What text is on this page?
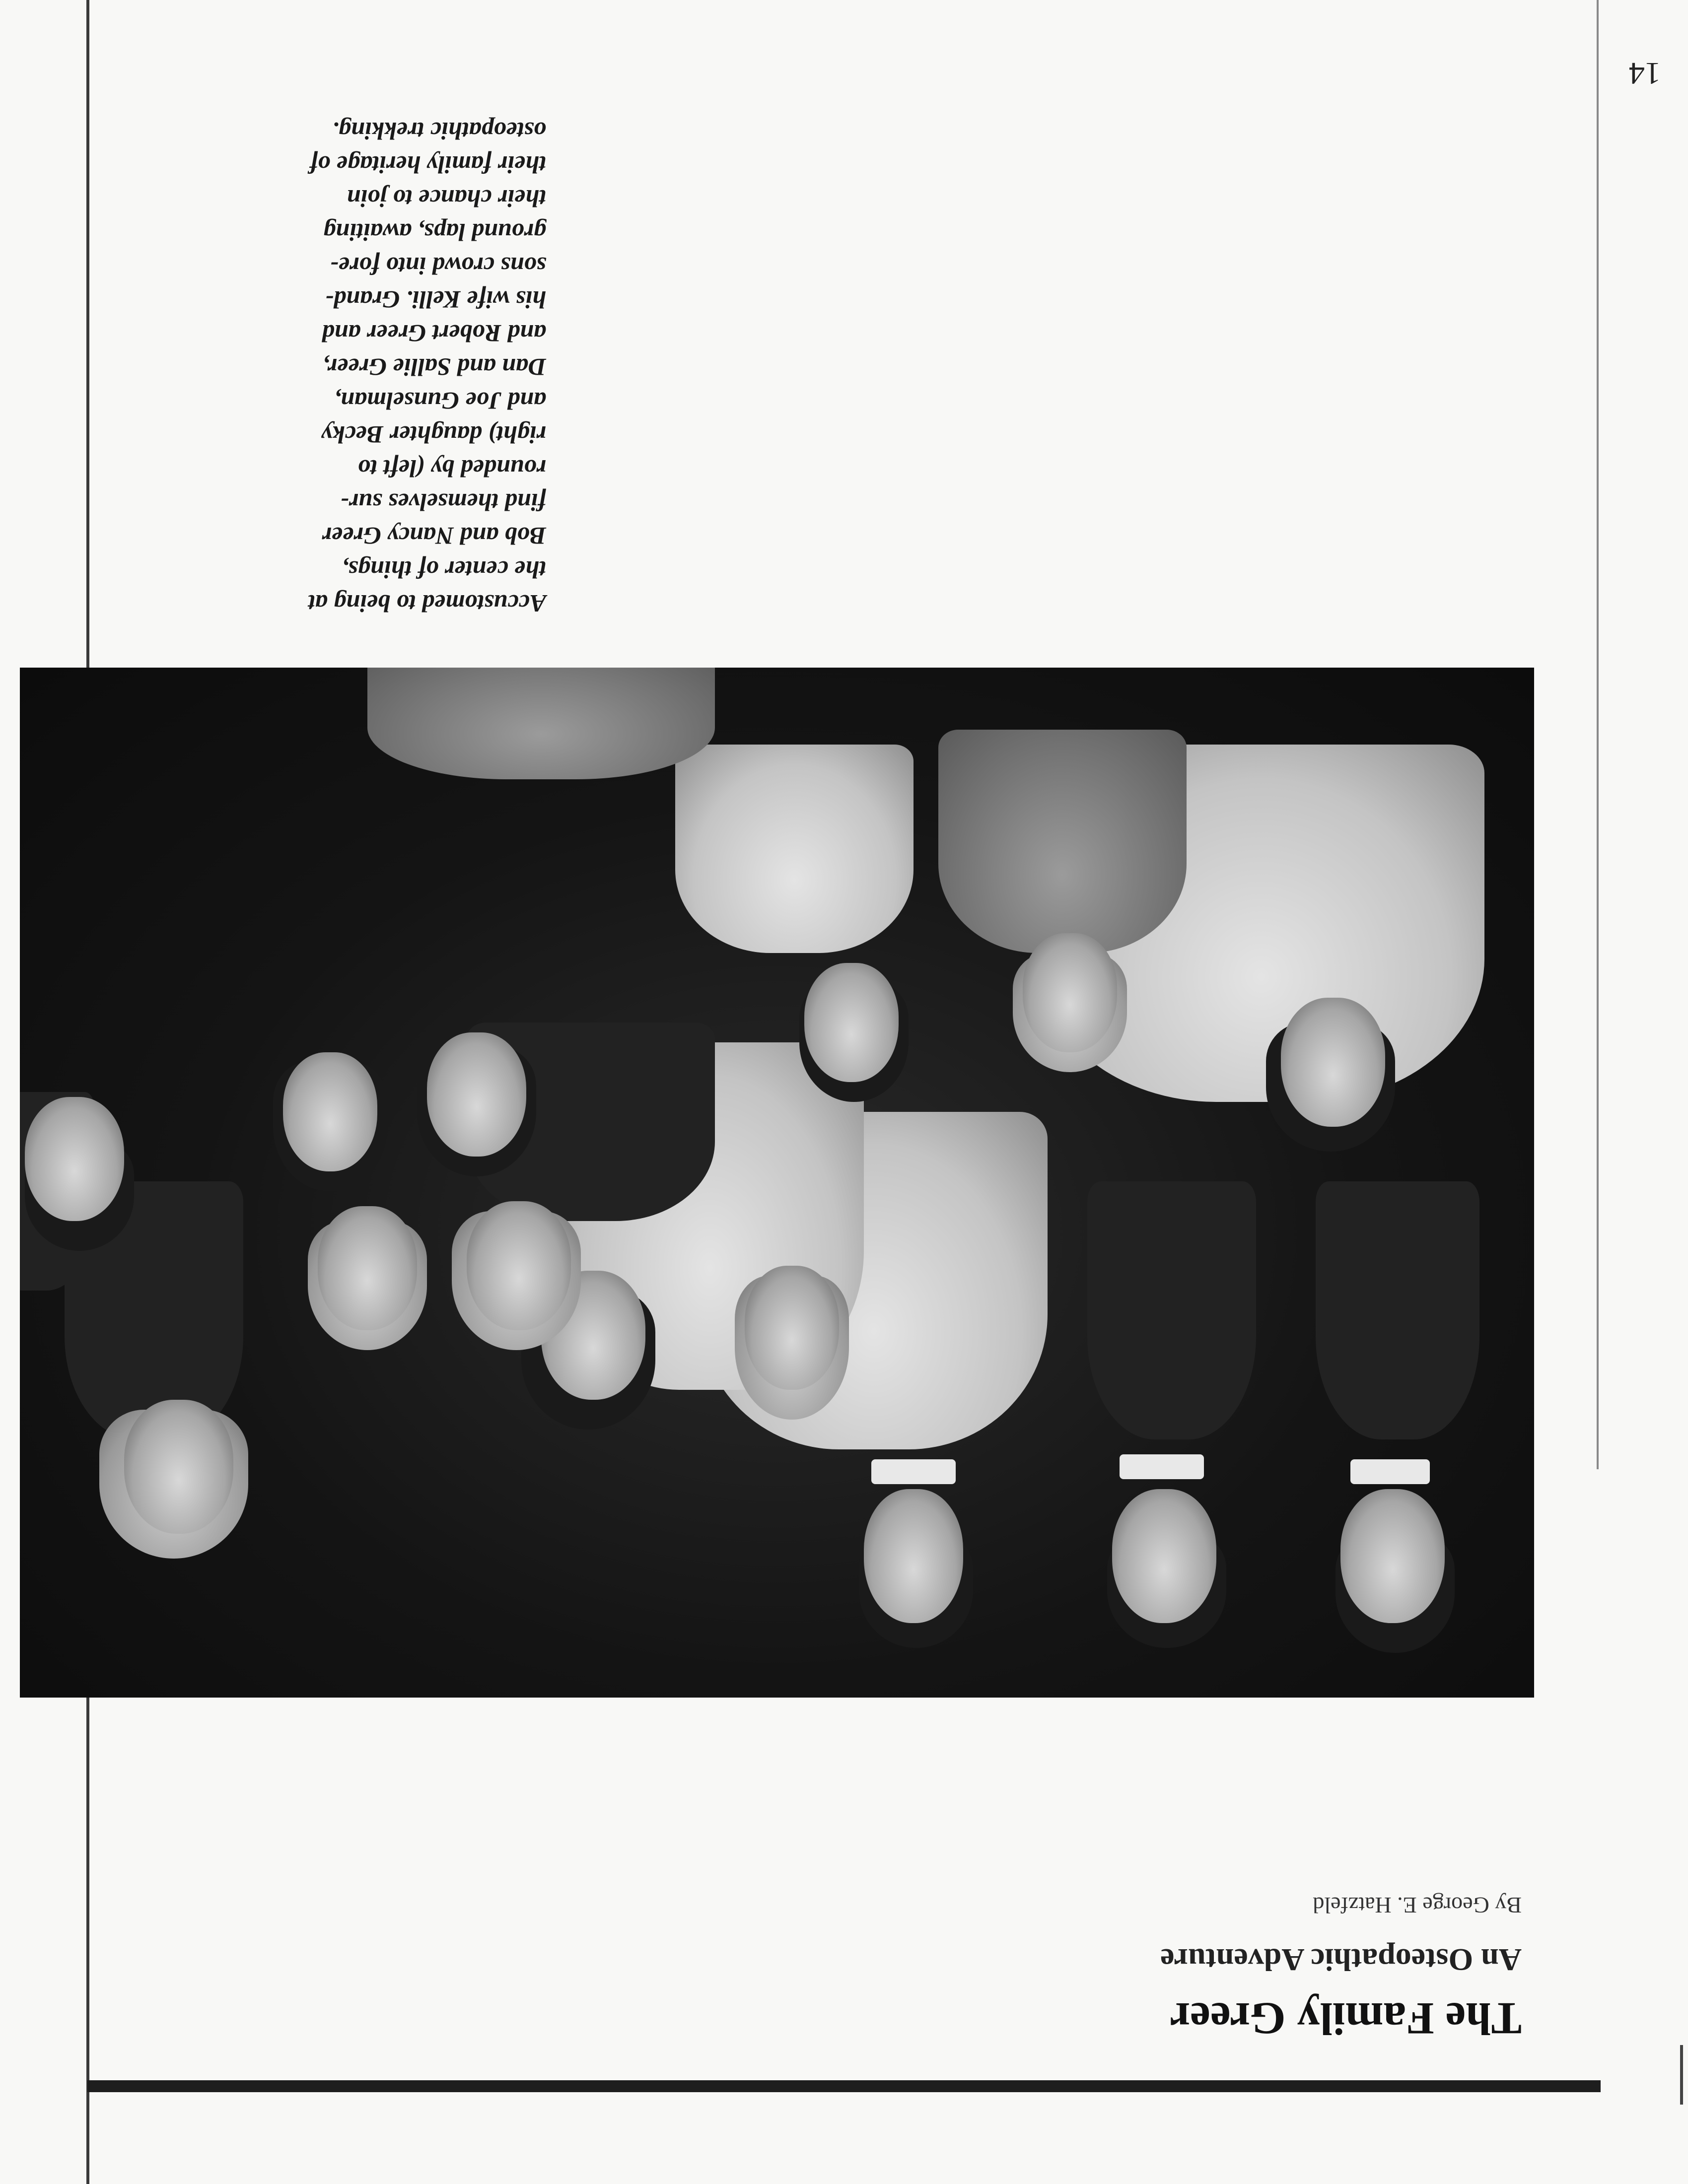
14
The Family Greer
An Osteopathic Adventure
By George E. Hatzfeld
Accustomed to being at
the center of things,
Bob and Nancy Greer
find themselves sur-
rounded by (left to
right) daughter Becky
and Joe Gunselman,
Dan and Sallie Greer,
and Robert Greer and
his wife Kelli. Grand-
sons crowd into fore-
ground laps, awaiting
their chance to join
their family heritage of
osteopathic trekking.
